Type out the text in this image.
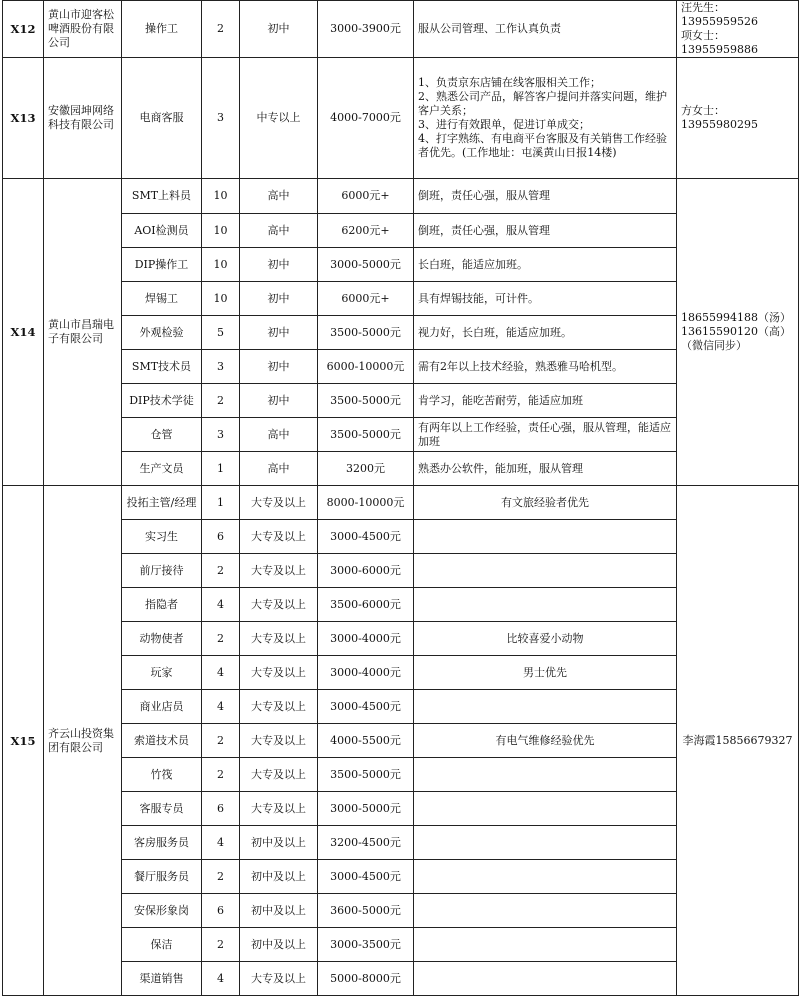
X12	黄山市迎客松啤酒股份有限公司	操作工	2	初中	3000-3900元	服从公司管理、工作认真负责	汪先生：13955959526
项女士：13955959886

X13	安徽园坤网络科技有限公司	电商客服	3	中专以上	4000-7000元	1、负责京东店铺在线客服相关工作；
2、熟悉公司产品，解答客户提问并落实问题，维护客户关系；
3、进行有效跟单，促进订单成交；
4、打字熟练、有电商平台客服及有关销售工作经验者优先。(工作地址：屯溪黄山日报14楼)	方女士：13955980295

X14	黄山市昌瑞电子有限公司	SMT上料员	10	高中	6000元+	倒班，责任心强，服从管理	18655994188（汤）
13615590120（高）
（微信同步）

		AOI检测员	10	高中	6200元+	倒班，责任心强，服从管理	
		DIP操作工	10	初中	3000-5000元	长白班，能适应加班。	
		焊锡工	10	初中	6000元+	具有焊锡技能，可计件。	
		外观检验	5	初中	3500-5000元	视力好，长白班，能适应加班。	
		SMT技术员	3	初中	6000-10000元	需有2年以上技术经验，熟悉雅马哈机型。	
		DIP技术学徒	2	初中	3500-5000元	肯学习，能吃苦耐劳，能适应加班	
		仓管	3	高中	3500-5000元	有两年以上工作经验，责任心强，服从管理，能适应加班	
		生产文员	1	高中	3200元	熟悉办公软件，能加班，服从管理	
X15	齐云山投资集团有限公司	投拓主管/经理	1	大专及以上	8000-10000元	有文旅经验者优先	李海霞15856679327

		实习生	6	大专及以上	3000-4500元		
		前厅接待	2	大专及以上	3000-6000元		
		指隐者	4	大专及以上	3500-6000元		
		动物使者	2	大专及以上	3000-4000元	比较喜爱小动物	
		玩家	4	大专及以上	3000-4000元	男士优先	
		商业店员	4	大专及以上	3000-4500元		
		索道技术员	2	大专及以上	4000-5500元	有电气维修经验优先	
		竹筏	2	大专及以上	3500-5000元		
		客服专员	6	大专及以上	3000-5000元		
		客房服务员	4	初中及以上	3200-4500元		
		餐厅服务员	2	初中及以上	3000-4500元		
		安保形象岗	6	初中及以上	3600-5000元		
		保洁	2	初中及以上	3000-3500元		
		渠道销售	4	大专及以上	5000-8000元		
